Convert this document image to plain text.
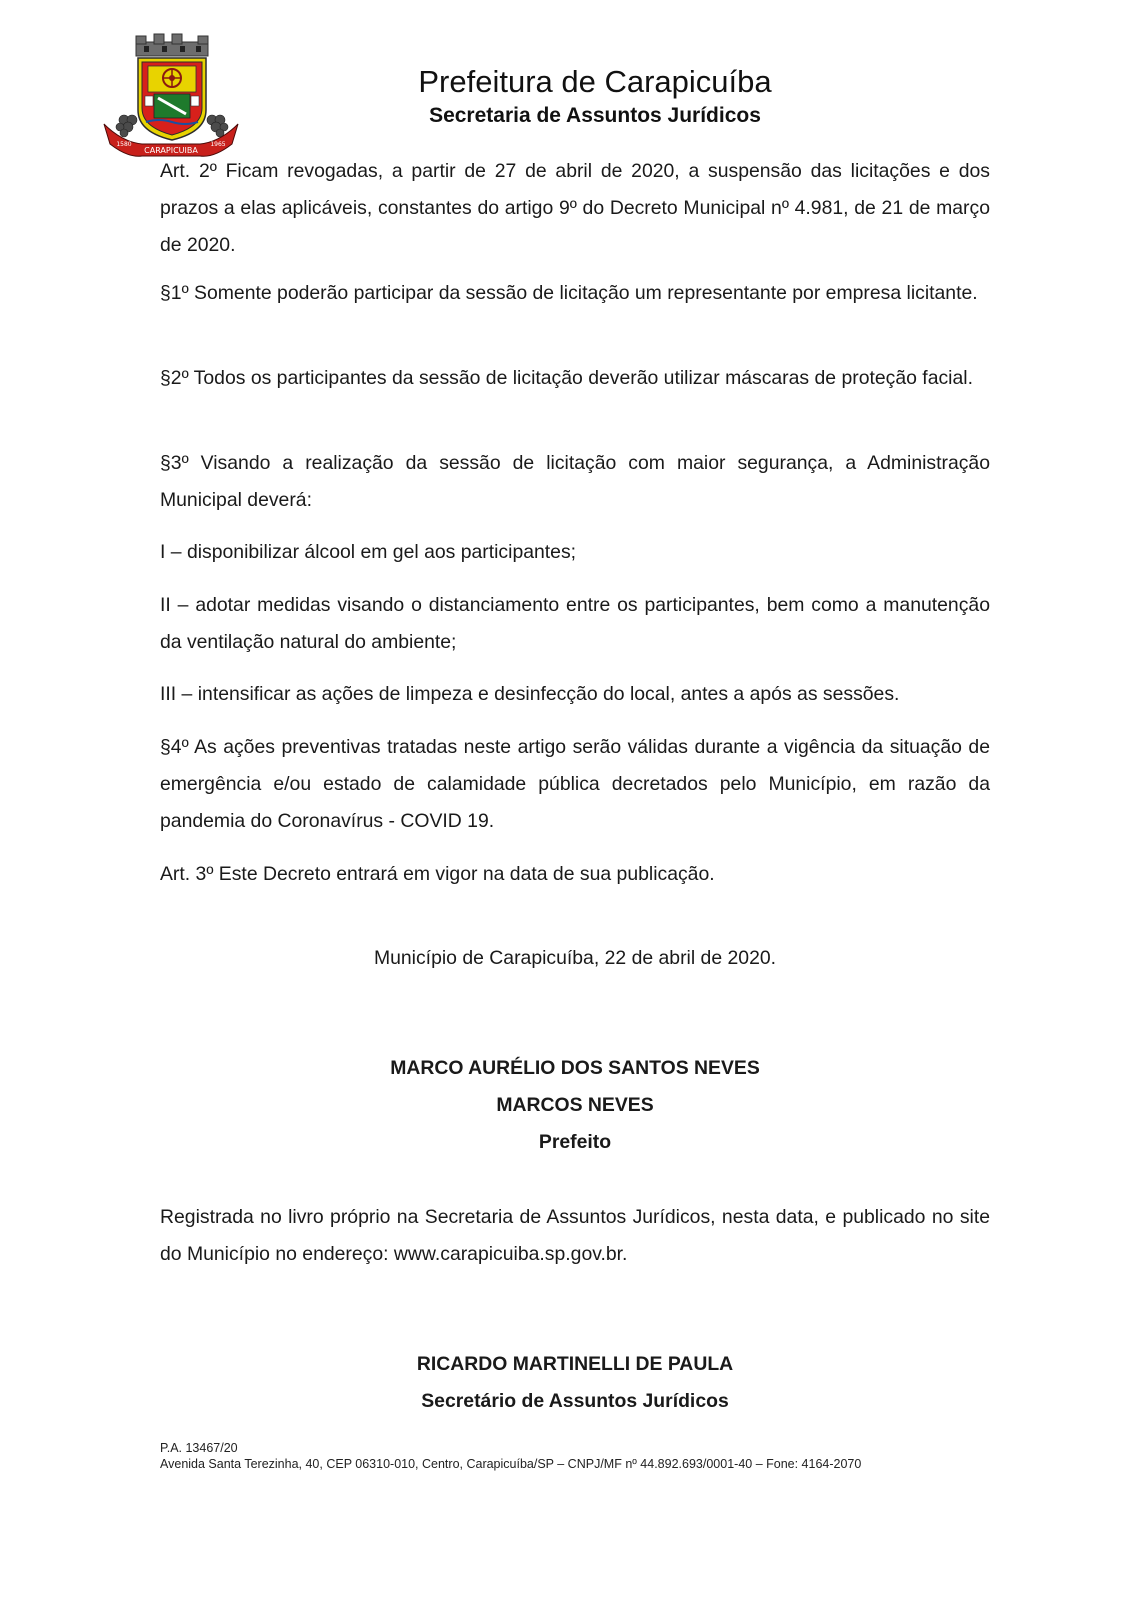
CARAPICUIBA
1580	1965
Prefeitura de Carapicuíba
Secretaria de Assuntos Jurídicos
Art. 2º Ficam revogadas, a partir de 27 de abril de 2020, a suspensão das licitações e dos prazos a elas aplicáveis, constantes do artigo 9º do Decreto Municipal nº 4.981, de 21 de março de 2020.
§1º Somente poderão participar da sessão de licitação um representante por empresa licitante.
§2º Todos os participantes da sessão de licitação deverão utilizar máscaras de proteção facial.
§3º Visando a realização da sessão de licitação com maior segurança, a Administração Municipal deverá:
I – disponibilizar álcool em gel aos participantes;
II – adotar medidas visando o distanciamento entre os participantes, bem como a manutenção da ventilação natural do ambiente;
III – intensificar as ações de limpeza e desinfecção do local, antes a após as sessões.
§4º As ações preventivas tratadas neste artigo serão válidas durante a vigência da situação de emergência e/ou estado de calamidade pública decretados pelo Município, em razão da pandemia do Coronavírus - COVID 19.
Art. 3º Este Decreto entrará em vigor na data de sua publicação.
Município de Carapicuíba, 22 de abril de 2020.
MARCO AURÉLIO DOS SANTOS NEVES
MARCOS NEVES
Prefeito
Registrada no livro próprio na Secretaria de Assuntos Jurídicos, nesta data, e publicado no site do Município no endereço: www.carapicuiba.sp.gov.br.
RICARDO MARTINELLI DE PAULA
Secretário de Assuntos Jurídicos
P.A. 13467/20
Avenida Santa Terezinha, 40, CEP 06310-010, Centro, Carapicuíba/SP – CNPJ/MF nº 44.892.693/0001-40 – Fone: 4164-2070
